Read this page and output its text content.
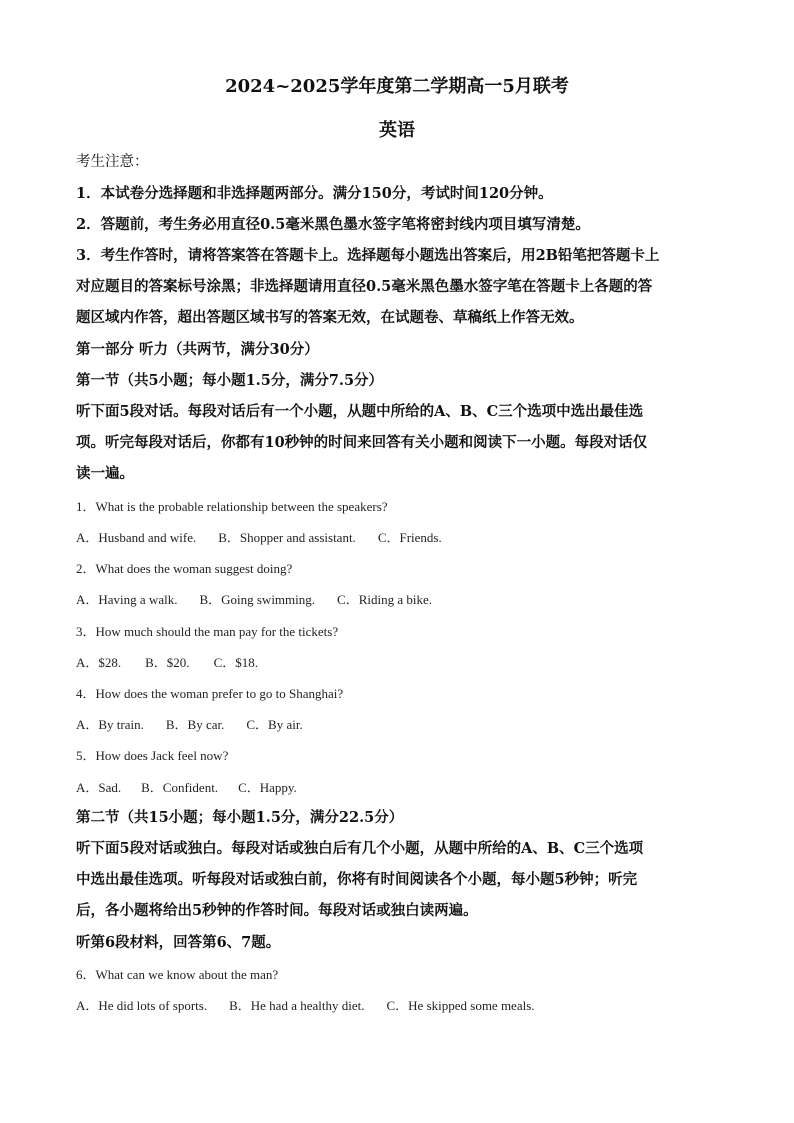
2024~2025学年度第二学期高一5月联考
英语
考生注意：
1．本试卷分选择题和非选择题两部分。满分150分，考试时间120分钟。
2．答题前，考生务必用直径0.5毫米黑色墨水签字笔将密封线内项目填写清楚。
3．考生作答时，请将答案答在答题卡上。选择题每小题选出答案后，用2B铅笔把答题卡上
对应题目的答案标号涂黑；非选择题请用直径0.5毫米黑色墨水签字笔在答题卡上各题的答
题区域内作答，超出答题区域书写的答案无效，在试题卷、草稿纸上作答无效。
第一部分 听力（共两节，满分30分）
第一节（共5小题；每小题1.5分，满分7.5分）
听下面5段对话。每段对话后有一个小题，从题中所给的A、B、C三个选项中选出最佳选
项。听完每段对话后，你都有10秒钟的时间来回答有关小题和阅读下一小题。每段对话仅
读一遍。
1．What is the probable relationship between the speakers?
A．Husband and wife. B．Shopper and assistant. C．Friends.
2．What does the woman suggest doing?
A．Having a walk. B．Going swimming. C．Riding a bike.
3．How much should the man pay for the tickets?
A．$28. B．$20. C．$18.
4．How does the woman prefer to go to Shanghai?
A．By train. B．By car. C．By air.
5．How does Jack feel now?
A．Sad. B．Confident. C．Happy.
第二节（共15小题；每小题1.5分，满分22.5分）
听下面5段对话或独白。每段对话或独白后有几个小题，从题中所给的A、B、C三个选项
中选出最佳选项。听每段对话或独白前，你将有时间阅读各个小题，每小题5秒钟；听完
后，各小题将给出5秒钟的作答时间。每段对话或独白读两遍。
听第6段材料，回答第6、7题。
6．What can we know about the man?
A．He did lots of sports. B．He had a healthy diet. C．He skipped some meals.
